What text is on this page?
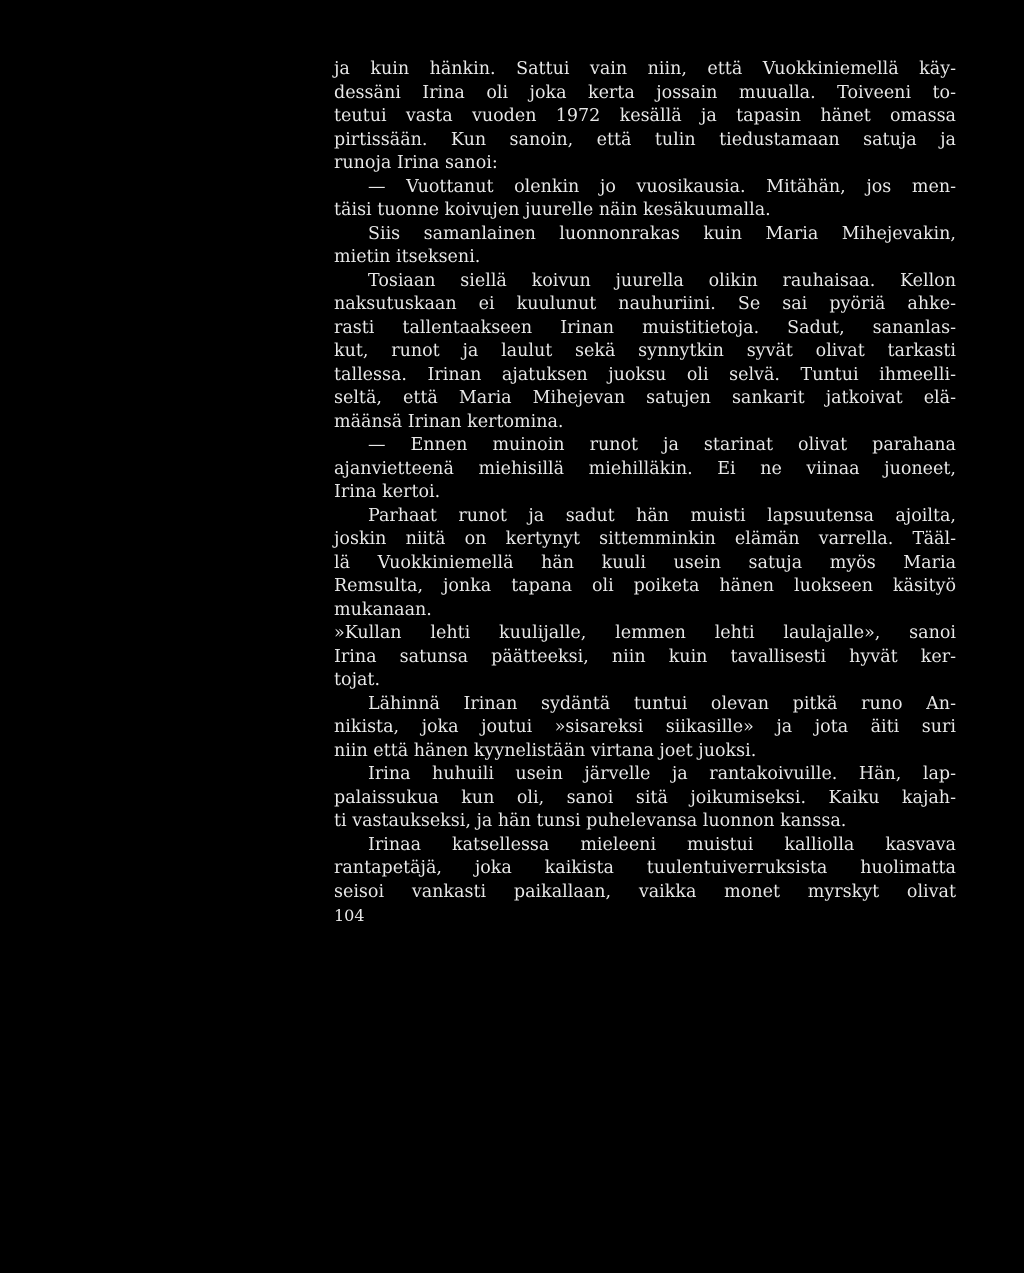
ja kuin hänkin. Sattui vain niin, että Vuokkiniemellä käy-
dessäni Irina oli joka kerta jossain muualla. Toiveeni to-
teutui vasta vuoden 1972 kesällä ja tapasin hänet omassa
pirtissään. Kun sanoin, että tulin tiedustamaan satuja ja
runoja Irina sanoi:
— Vuottanut olenkin jo vuosikausia. Mitähän, jos men-
täisi tuonne koivujen juurelle näin kesäkuumalla.
Siis samanlainen luonnonrakas kuin Maria Mihejevakin,
mietin itsekseni.
Tosiaan siellä koivun juurella olikin rauhaisaa. Kellon
naksutuskaan ei kuulunut nauhuriini. Se sai pyöriä ahke-
rasti tallentaakseen Irinan muistitietoja. Sadut, sananlas-
kut, runot ja laulut sekä synnytkin syvät olivat tarkasti
tallessa. Irinan ajatuksen juoksu oli selvä. Tuntui ihmeelli-
seltä, että Maria Mihejevan satujen sankarit jatkoivat elä-
määnsä Irinan kertomina.
— Ennen muinoin runot ja starinat olivat parahana
ajanvietteenä miehisillä miehilläkin. Ei ne viinaa juoneet,
Irina kertoi.
Parhaat runot ja sadut hän muisti lapsuutensa ajoilta,
joskin niitä on kertynyt sittemminkin elämän varrella. Tääl-
lä Vuokkiniemellä hän kuuli usein satuja myös Maria
Remsulta, jonka tapana oli poiketa hänen luokseen käsityö
mukanaan.
»Kullan lehti kuulijalle, lemmen lehti laulajalle», sanoi
Irina satunsa päätteeksi, niin kuin tavallisesti hyvät ker-
tojat.
Lähinnä Irinan sydäntä tuntui olevan pitkä runo An-
nikista, joka joutui »sisareksi siikasille» ja jota äiti suri
niin että hänen kyynelistään virtana joet juoksi.
Irina huhuili usein järvelle ja rantakoivuille. Hän, lap-
palaissukua kun oli, sanoi sitä joikumiseksi. Kaiku kajah-
ti vastaukseksi, ja hän tunsi puhelevansa luonnon kanssa.
Irinaa katsellessa mieleeni muistui kalliolla kasvava
rantapetäjä, joka kaikista tuulentuiverruksista huolimatta
seisoi vankasti paikallaan, vaikka monet myrskyt olivat
104
